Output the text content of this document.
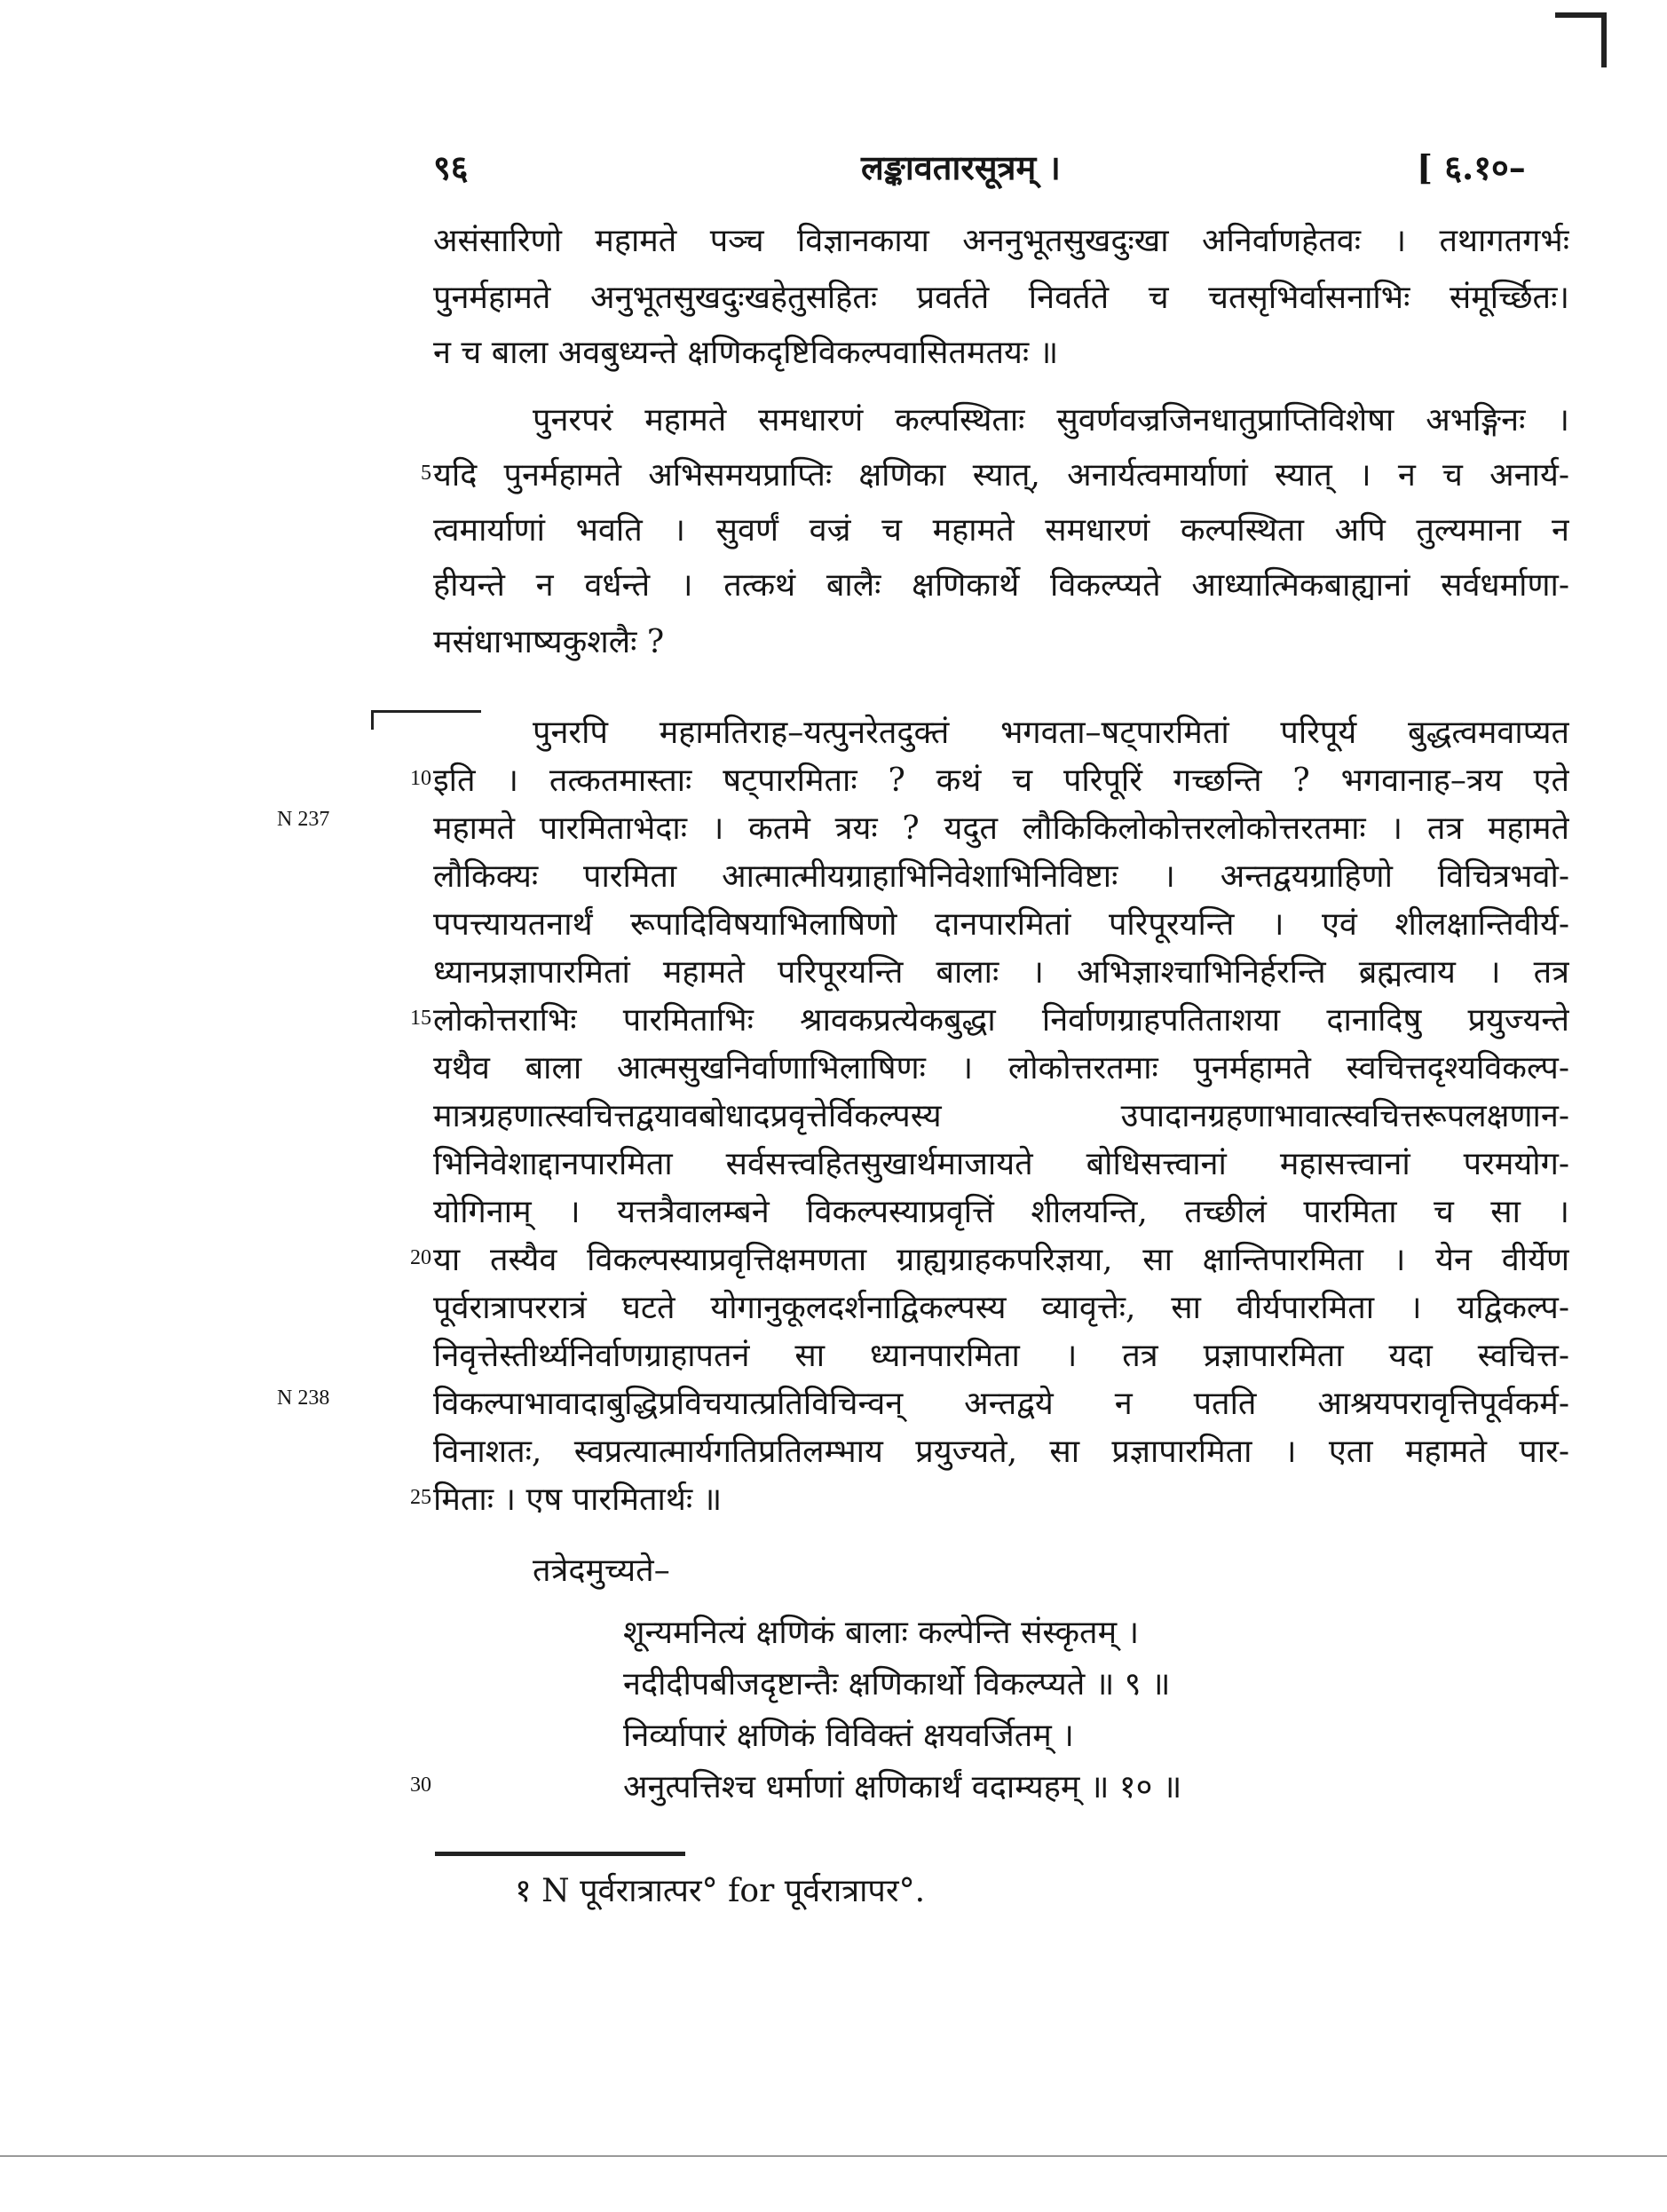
९६	लङ्कावतारसूत्रम् ।	[ ६.१०–
N 237
N 238
असंसारिणो महामते पञ्च विज्ञानकाया अननुभूतसुखदुःखा अनिर्वाणहेतवः । तथागतगर्भः
पुनर्महामते अनुभूतसुखदुःखहेतुसहितः प्रवर्तते निवर्तते च चतसृभिर्वासनाभिः संमूर्च्छितः।
न च बाला अवबुध्यन्ते क्षणिकदृष्टिविकल्पवासितमतयः ॥
पुनरपरं महामते समधारणं कल्पस्थिताः सुवर्णवज्रजिनधातुप्राप्तिविशेषा अभङ्गिनः ।
5 यदि पुनर्महामते अभिसमयप्राप्तिः क्षणिका स्यात्, अनार्यत्वमार्याणां स्यात् । न च अनार्य-
त्वमार्याणां भवति । सुवर्णं वज्रं च महामते समधारणं कल्पस्थिता अपि तुल्यमाना न
हीयन्ते न वर्धन्ते । तत्कथं बालैः क्षणिकार्थे विकल्प्यते आध्यात्मिकबाह्यानां सर्वधर्माणा-
मसंधाभाष्यकुशलैः ?
पुनरपि महामतिराह–यत्पुनरेतदुक्तं भगवता–षट्पारमितां परिपूर्य बुद्धत्वमवाप्यत
10 इति । तत्कतमास्ताः षट्पारमिताः ? कथं च परिपूरिं गच्छन्ति ? भगवानाह–त्रय एते
महामते पारमिताभेदाः । कतमे त्रयः ? यदुत लौकिकिलोकोत्तरलोकोत्तरतमाः । तत्र महामते
लौकिक्यः पारमिता आत्मात्मीयग्राहाभिनिवेशाभिनिविष्टाः । अन्तद्वयग्राहिणो विचित्रभवो-
पपत्त्यायतनार्थं रूपादिविषयाभिलाषिणो दानपारमितां परिपूरयन्ति । एवं शीलक्षान्तिवीर्य-
ध्यानप्रज्ञापारमितां महामते परिपूरयन्ति बालाः । अभिज्ञाश्चाभिनिर्हरन्ति ब्रह्मत्वाय । तत्र
15 लोकोत्तराभिः पारमिताभिः श्रावकप्रत्येकबुद्धा निर्वाणग्राहपतिताशया दानादिषु प्रयुज्यन्ते
यथैव बाला आत्मसुखनिर्वाणाभिलाषिणः । लोकोत्तरतमाः पुनर्महामते स्वचित्तदृश्यविकल्प-
मात्रग्रहणात्स्वचित्तद्वयावबोधादप्रवृत्तेर्विकल्पस्य उपादानग्रहणाभावात्स्वचित्तरूपलक्षणान-
भिनिवेशाद्दानपारमिता सर्वसत्त्वहितसुखार्थमाजायते बोधिसत्त्वानां महासत्त्वानां परमयोग-
योगिनाम् । यत्तत्रैवालम्बने विकल्पस्याप्रवृत्तिं शीलयन्ति, तच्छीलं पारमिता च सा ।
20 या तस्यैव विकल्पस्याप्रवृत्तिक्षमणता ग्राह्यग्राहकपरिज्ञया, सा क्षान्तिपारमिता । येन वीर्येण
पूर्वरात्रापररात्रं घटते योगानुकूलदर्शनाद्विकल्पस्य व्यावृत्तेः, सा वीर्यपारमिता । यद्विकल्प-
निवृत्तेस्तीर्थ्यनिर्वाणग्राहापतनं सा ध्यानपारमिता । तत्र प्रज्ञापारमिता यदा स्वचित्त-
विकल्पाभावादाबुद्धिप्रविचयात्प्रतिविचिन्वन् अन्तद्वये न पतति आश्रयपरावृत्तिपूर्वकर्म-
विनाशतः, स्वप्रत्यात्मार्यगतिप्रतिलम्भाय प्रयुज्यते, सा प्रज्ञापारमिता । एता महामते पार-
मिताः । एष पारमितार्थः ॥
25
तत्रेदमुच्यते–
शून्यमनित्यं क्षणिकं बालाः कल्पेन्ति संस्कृतम् ।
नदीदीपबीजदृष्टान्तैः क्षणिकार्थो विकल्प्यते ॥ ९ ॥
निर्व्यापारं क्षणिकं विविक्तं क्षयवर्जितम् ।
30	अनुत्पत्तिश्च धर्माणां क्षणिकार्थं वदाम्यहम् ॥ १० ॥
१ N पूर्वरात्रात्पर° for पूर्वरात्रापर°.
